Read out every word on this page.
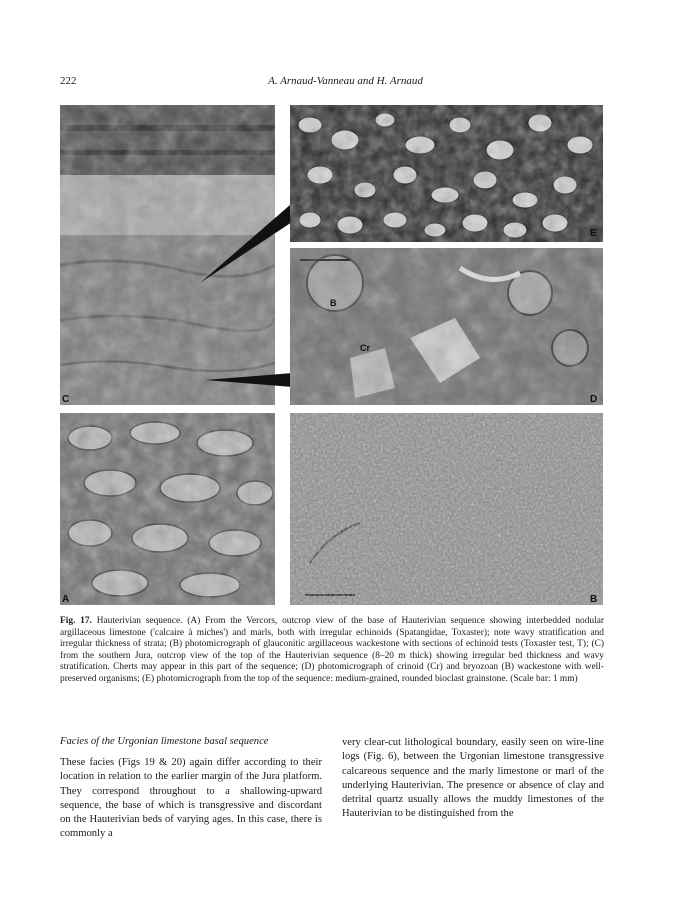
222	A. Arnaud-Vanneau and H. Arnaud
E
B
Cr
C	D
A	B
Fig. 17. Hauterivian sequence. (A) From the Vercors, outcrop view of the base of Hauterivian sequence showing interbedded nodular argillaceous limestone ('calcaire à miches') and marls, both with irregular echinoids (Spatangidae, Toxaster); note wavy stratification and irregular thickness of strata; (B) photomicrograph of glauconitic argillaceous wackestone with sections of echinoid tests (Toxaster test, T); (C) from the southern Jura, outcrop view of the top of the Hauterivian sequence (8–20 m thick) showing irregular bed thickness and wavy stratification. Cherts may appear in this part of the sequence; (D) photomicrograph of crinoid (Cr) and bryozoan (B) wackestone with well-preserved organisms; (E) photomicrograph from the top of the sequence: medium-grained, rounded bioclast grainstone. (Scale bar: 1 mm)
Facies of the Urgonian limestone basal sequence

These facies (Figs 19 & 20) again differ according to their location in relation to the earlier margin of the Jura platform. They correspond throughout to a shallowing-upward sequence, the base of which is transgressive and discordant on the Hauterivian beds of varying ages. In this case, there is commonly a

very clear-cut lithological boundary, easily seen on wire-line logs (Fig. 6), between the Urgonian limestone transgressive calcareous sequence and the marly limestone or marl of the underlying Hauterivian. The presence or absence of clay and detrital quartz usually allows the muddy limestones of the Hauterivian to be distinguished from the
